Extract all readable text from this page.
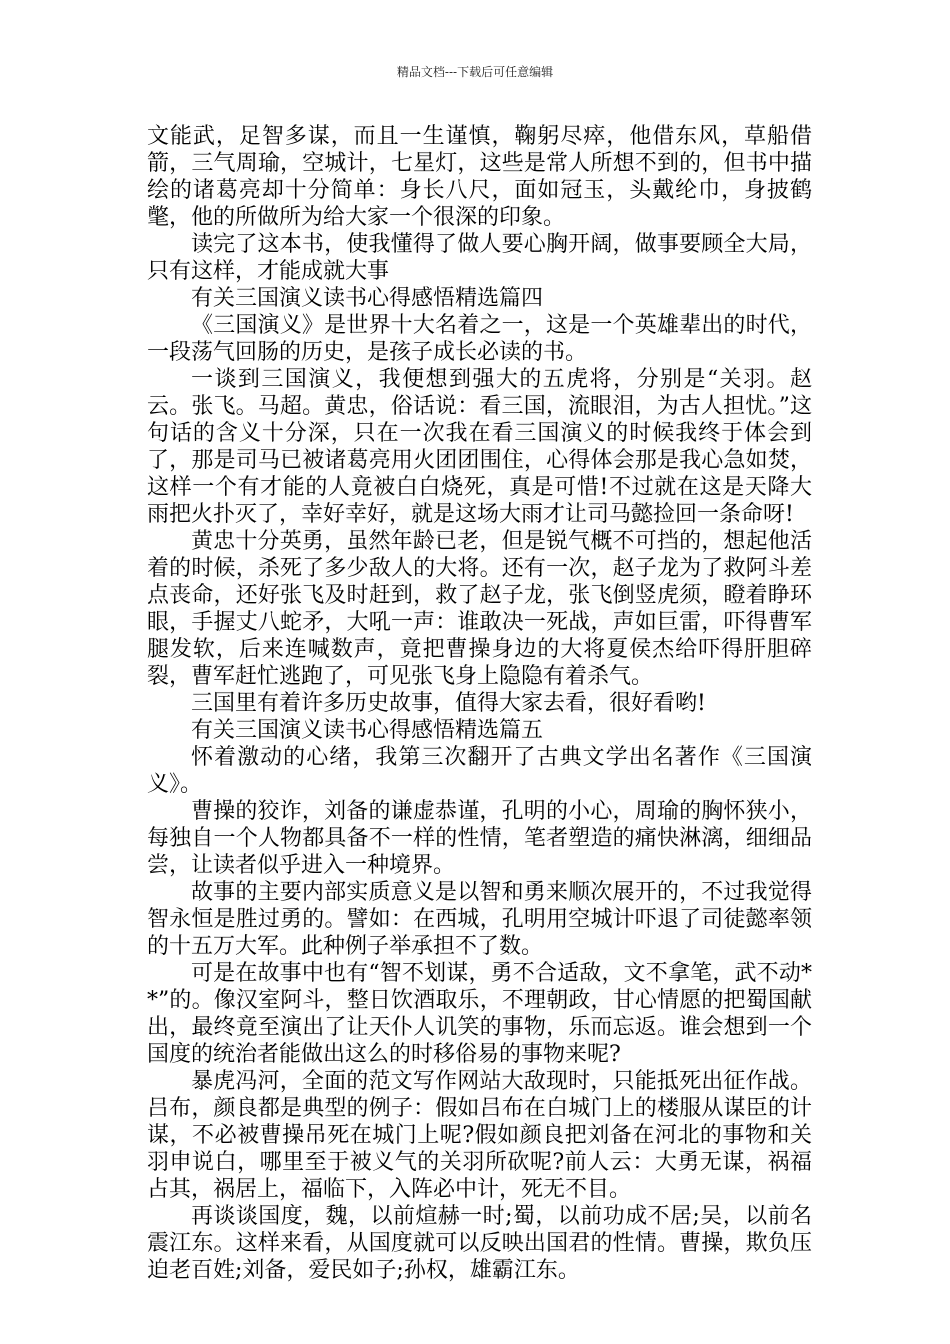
精品文档---下载后可任意编辑

文能武，足智多谋，而且一生谨慎，鞠躬尽瘁，他借东风，草船借箭，三气周瑜，空城计，七星灯，这些是常人所想不到的，但书中描绘的诸葛亮却十分简单：身长八尺，面如冠玉，头戴纶巾，身披鹤氅，他的所做所为给大家一个很深的印象。

读完了这本书，使我懂得了做人要心胸开阔，做事要顾全大局，只有这样，才能成就大事

有关三国演义读书心得感悟精选篇四

《三国演义》是世界十大名着之一，这是一个英雄辈出的时代，一段荡气回肠的历史，是孩子成长必读的书。

一谈到三国演义，我便想到强大的五虎将，分别是“关羽。赵云。张飞。马超。黄忠，俗话说：看三国，流眼泪，为古人担忧。”这句话的含义十分深，只在一次我在看三国演义的时候我终于体会到了，那是司马已被诸葛亮用火团团围住，心得体会那是我心急如焚，这样一个有才能的人竟被白白烧死，真是可惜!不过就在这是天降大雨把火扑灭了，幸好幸好，就是这场大雨才让司马懿捡回一条命呀!

黄忠十分英勇，虽然年龄已老，但是锐气概不可挡的，想起他活着的时候，杀死了多少敌人的大将。还有一次，赵子龙为了救阿斗差点丧命，还好张飞及时赶到，救了赵子龙，张飞倒竖虎须，瞪着睁环眼，手握丈八蛇矛，大吼一声：谁敢决一死战，声如巨雷，吓得曹军腿发软，后来连喊数声，竟把曹操身边的大将夏侯杰给吓得肝胆碎裂，曹军赶忙逃跑了，可见张飞身上隐隐有着杀气。

三国里有着许多历史故事，值得大家去看，很好看哟!

有关三国演义读书心得感悟精选篇五

怀着激动的心绪，我第三次翻开了古典文学出名著作《三国演义》。

曹操的狡诈，刘备的谦虚恭谨，孔明的小心，周瑜的胸怀狭小，每独自一个人物都具备不一样的性情，笔者塑造的痛快淋漓，细细品尝，让读者似乎进入一种境界。

故事的主要内部实质意义是以智和勇来顺次展开的，不过我觉得智永恒是胜过勇的。譬如：在西城，孔明用空城计吓退了司徒懿率领的十五万大军。此种例子举承担不了数。

可是在故事中也有“智不划谋，勇不合适敌，文不拿笔，武不动**”的。像汉室阿斗，整日饮酒取乐，不理朝政，甘心情愿的把蜀国献出，最终竟至演出了让天仆人讥笑的事物，乐而忘返。谁会想到一个国度的统治者能做出这么的时移俗易的事物来呢?

暴虎冯河，全面的范文写作网站大敌现时，只能抵死出征作战。吕布，颜良都是典型的例子：假如吕布在白城门上的楼服从谋臣的计谋，不必被曹操吊死在城门上呢?假如颜良把刘备在河北的事物和关羽申说白，哪里至于被义气的关羽所砍呢?前人云：大勇无谋，祸福占其，祸居上，福临下，入阵必中计，死无不目。

再谈谈国度，魏，以前煊赫一时;蜀，以前功成不居;吴，以前名震江东。这样来看，从国度就可以反映出国君的性情。曹操，欺负压迫老百姓;刘备，爱民如子;孙权，雄霸江东。
